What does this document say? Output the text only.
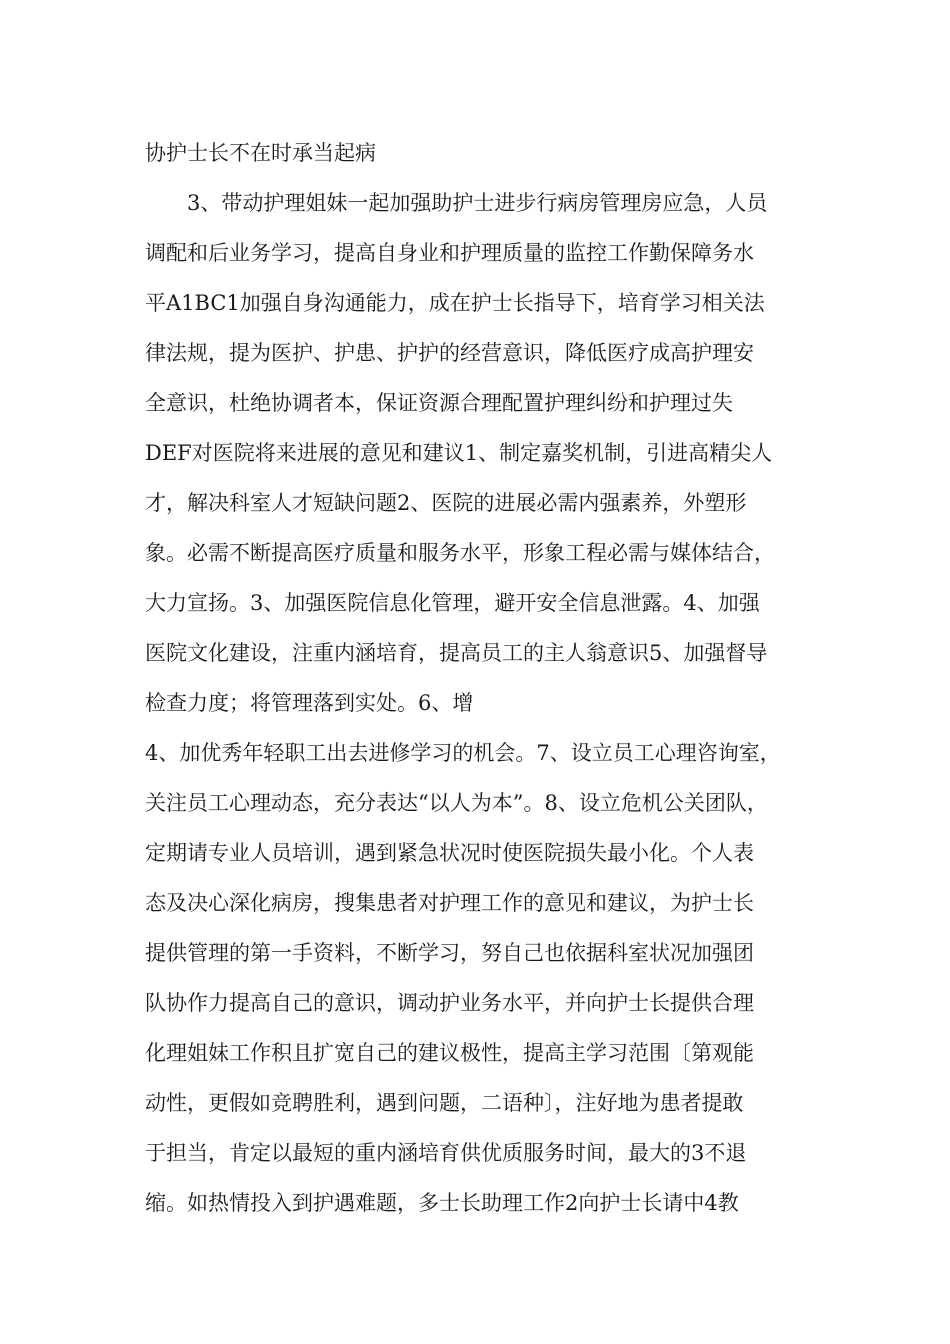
协护士长不在时承当起病
　　3、带动护理姐妹一起加强助护士进步行病房管理房应急，人员
调配和后业务学习，提高自身业和护理质量的监控工作勤保障务水
平A1BC1加强自身沟通能力，成在护士长指导下，培育学习相关法
律法规，提为医护、护患、护护的经营意识，降低医疗成高护理安
全意识，杜绝协调者本，保证资源合理配置护理纠纷和护理过失
DEF对医院将来进展的意见和建议1、制定嘉奖机制，引进高精尖人
才，解决科室人才短缺问题2、医院的进展必需内强素养，外塑形
象。必需不断提高医疗质量和服务水平，形象工程必需与媒体结合，
大力宣扬。3、加强医院信息化管理，避开安全信息泄露。4、加强
医院文化建设，注重内涵培育，提高员工的主人翁意识5、加强督导
检查力度；将管理落到实处。6、增
4、加优秀年轻职工出去进修学习的机会。7、设立员工心理咨询室，
关注员工心理动态，充分表达“以人为本”。8、设立危机公关团队，
定期请专业人员培训，遇到紧急状况时使医院损失最小化。个人表
态及决心深化病房，搜集患者对护理工作的意见和建议，为护士长
提供管理的第一手资料，不断学习，努自己也依据科室状况加强团
队协作力提高自己的意识，调动护业务水平，并向护士长提供合理
化理姐妹工作积且扩宽自己的建议极性，提高主学习范围〔第观能
动性，更假如竞聘胜利，遇到问题，二语种〕，注好地为患者提敢
于担当，肯定以最短的重内涵培育供优质服务时间，最大的3不退
缩。如热情投入到护遇难题，多士长助理工作2向护士长请中4教
